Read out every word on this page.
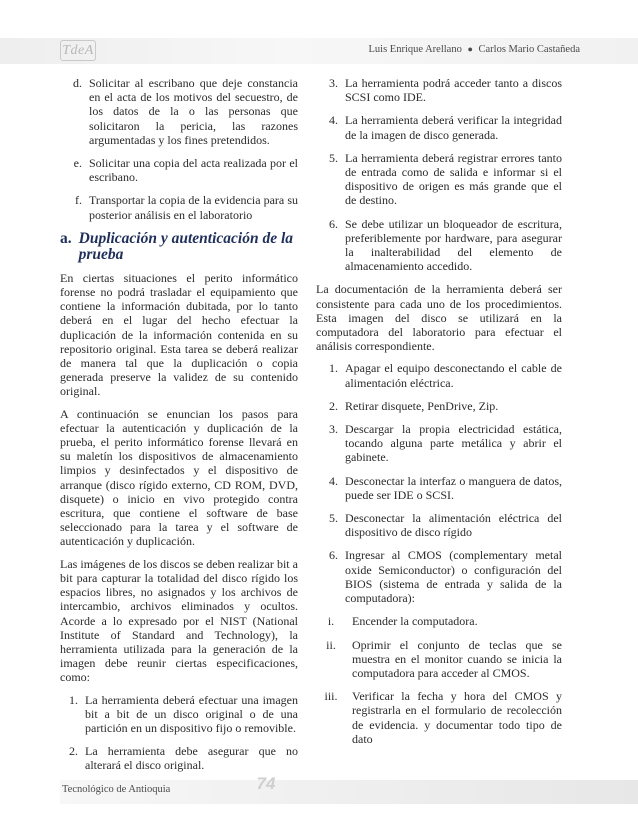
TdeA	Luis Enrique Arellano ● Carlos Mario Castañeda
d. Solicitar al escribano que deje constancia en el acta de los motivos del secuestro, de los datos de la o las personas que solicitaron la pericia, las razones argumentadas y los fines pretendidos.
e. Solicitar una copia del acta realizada por el escribano.
f. Transportar la copia de la evidencia para su posterior análisis en el laboratorio
a. Duplicación y autenticación de la prueba

En ciertas situaciones el perito informático forense no podrá trasladar el equipamiento que contiene la información dubitada, por lo tanto deberá en el lugar del hecho efectuar la duplicación de la información contenida en su repositorio original. Esta tarea se deberá realizar de manera tal que la duplicación o copia generada preserve la validez de su contenido original.

A continuación se enuncian los pasos para efectuar la autenticación y duplicación de la prueba, el perito informático forense llevará en su maletín los dispositivos de almacenamiento limpios y desinfectados y el dispositivo de arranque (disco rígido externo, CD ROM, DVD, disquete) o inicio en vivo protegido contra escritura, que contiene el software de base seleccionado para la tarea y el software de autenticación y duplicación.

Las imágenes de los discos se deben realizar bit a bit para capturar la totalidad del disco rígido los espacios libres, no asignados y los archivos de intercambio, archivos eliminados y ocultos. Acorde a lo expresado por el NIST (National Institute of Standard and Technology), la herramienta utilizada para la generación de la imagen debe reunir ciertas especificaciones, como:

1. La herramienta deberá efectuar una imagen bit a bit de un disco original o de una partición en un dispositivo fijo o removible.
2. La herramienta debe asegurar que no alterará el disco original.
3. La herramienta podrá acceder tanto a discos SCSI como IDE.
4. La herramienta deberá verificar la integridad de la imagen de disco generada.
5. La herramienta deberá registrar errores tanto de entrada como de salida e informar si el dispositivo de origen es más grande que el de destino.
6. Se debe utilizar un bloqueador de escritura, preferiblemente por hardware, para asegurar la inalterabilidad del elemento de almacenamiento accedido.

La documentación de la herramienta deberá ser consistente para cada uno de los procedimientos. Esta imagen del disco se utilizará en la computadora del laboratorio para efectuar el análisis correspondiente.

1. Apagar el equipo desconectando el cable de alimentación eléctrica.
2. Retirar disquete, PenDrive, Zip.
3. Descargar la propia electricidad estática, tocando alguna parte metálica y abrir el gabinete.
4. Desconectar la interfaz o manguera de datos, puede ser IDE o SCSI.
5. Desconectar la alimentación eléctrica del dispositivo de disco rígido
6. Ingresar al CMOS (complementary metal oxide Semiconductor) o configuración del BIOS (sistema de entrada y salida de la computadora):
i.	Encender la computadora.
ii.	Oprimir el conjunto de teclas que se muestra en el monitor cuando se inicia la computadora para acceder al CMOS.
iii.	Verificar la fecha y hora del CMOS y registrarla en el formulario de recolección de evidencia. y documentar todo tipo de dato
Tecnológico de Antioquia	74
